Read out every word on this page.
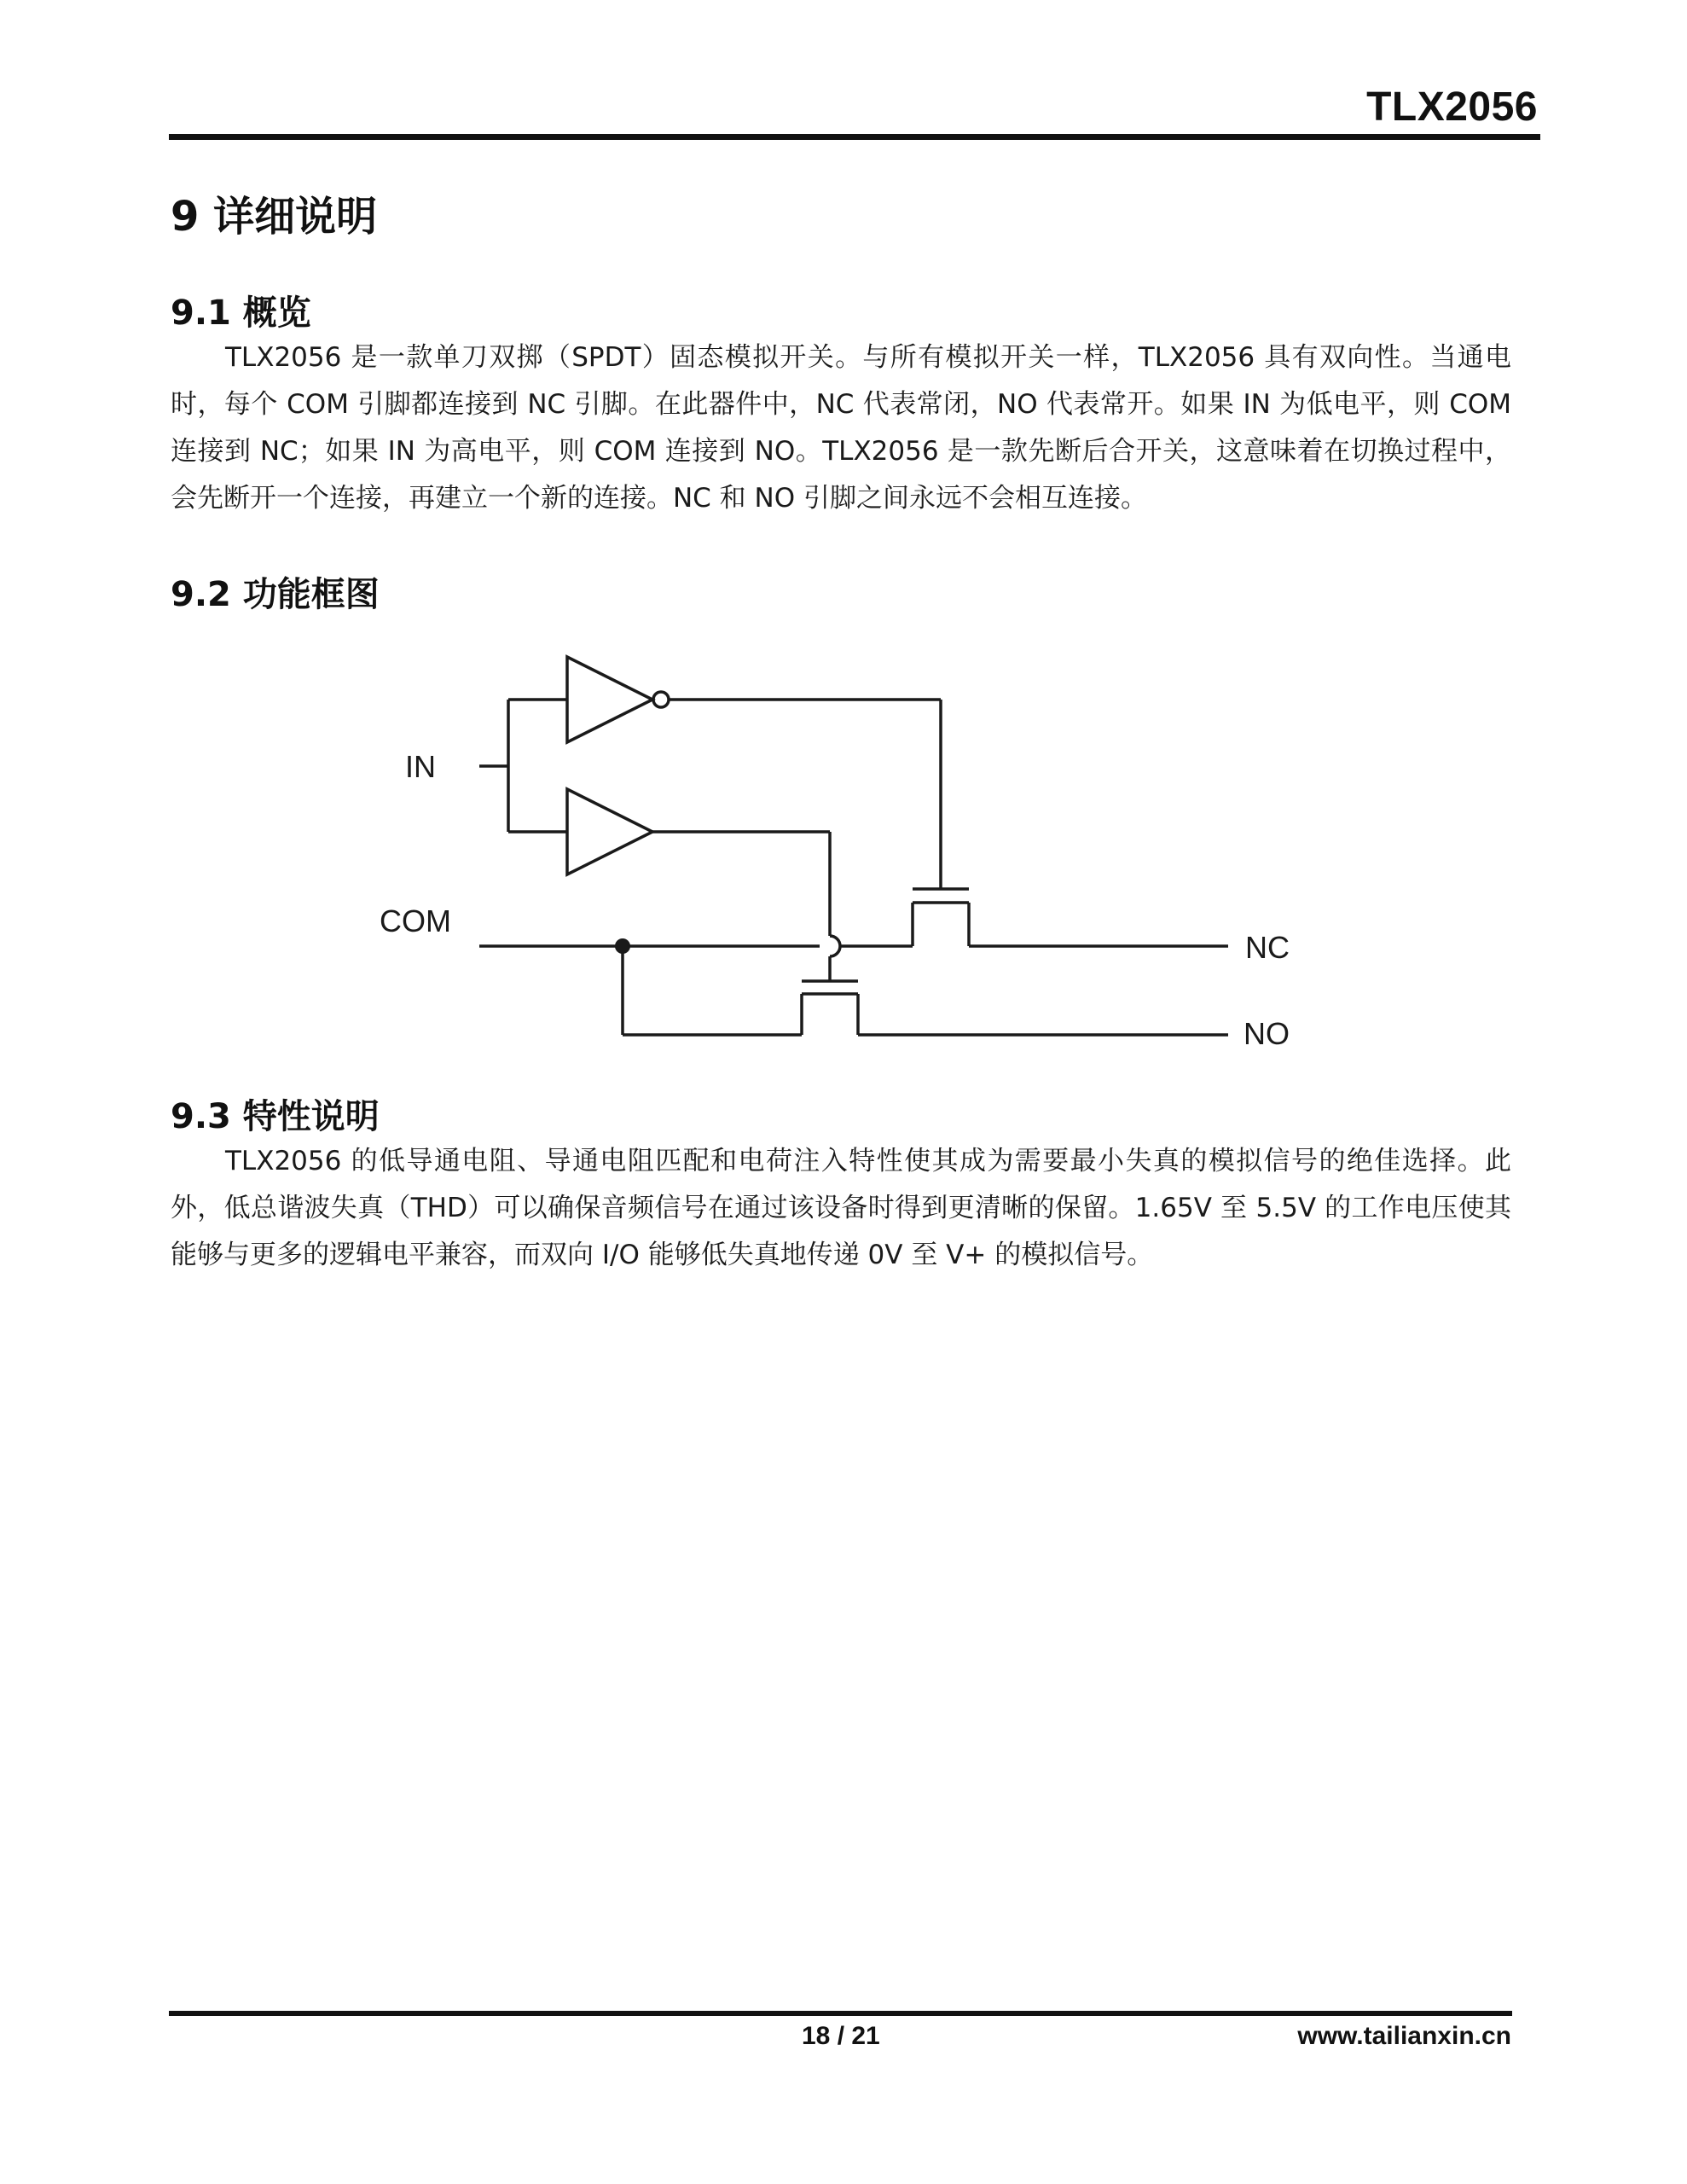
TLX2056
9 详细说明
9.1 概览

TLX2056 是一款单刀双掷（SPDT）固态模拟开关。与所有模拟开关一样，TLX2056 具有双向性。当通电时，每个 COM 引脚都连接到 NC 引脚。在此器件中，NC 代表常闭，NO 代表常开。如果 IN 为低电平，则 COM 连接到 NC；如果 IN 为高电平，则 COM 连接到 NO。TLX2056 是一款先断后合开关，这意味着在切换过程中，会先断开一个连接，再建立一个新的连接。NC 和 NO 引脚之间永远不会相互连接。

9.2 功能框图
IN
COM
NC
NO
9.3 特性说明

TLX2056 的低导通电阻、导通电阻匹配和电荷注入特性使其成为需要最小失真的模拟信号的绝佳选择。此外，低总谐波失真（THD）可以确保音频信号在通过该设备时得到更清晰的保留。1.65V 至 5.5V 的工作电压使其能够与更多的逻辑电平兼容，而双向 I/O 能够低失真地传递 0V 至 V+ 的模拟信号。

18 / 21	www.tailianxin.cn
